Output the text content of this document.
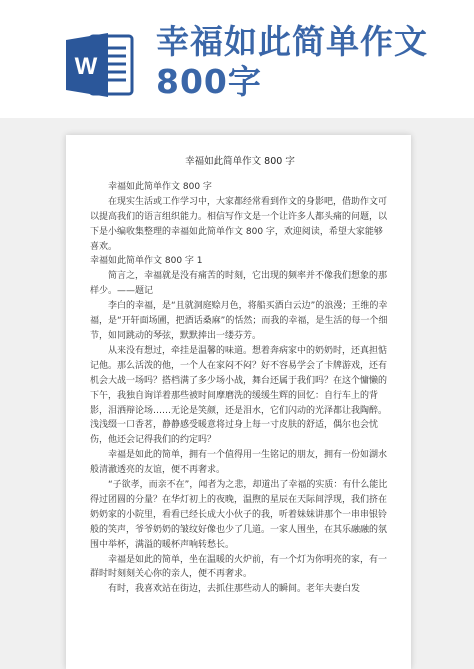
W
幸福如此简单作文
800字

幸福如此简单作文 800 字

幸福如此简单作文 800 字

在现实生活或工作学习中，大家都经常看到作文的身影吧，借助作文可以提高我们的语言组织能力。相信写作文是一个让许多人都头痛的问题，以下是小编收集整理的幸福如此简单作文 800 字，欢迎阅读，希望大家能够喜欢。

幸福如此简单作文 800 字 1

简言之，幸福就是没有痛苦的时刻，它出现的频率并不像我们想象的那样少。——题记

李白的幸福，是“且就洞庭赊月色，将船买酒白云边”的浪漫；王维的幸福，是“开轩面场圃，把酒话桑麻”的恬然；而我的幸福，是生活的每一个细节，如同跳动的琴弦，默默捧出一缕芬芳。

从来没有想过，牵挂是温馨的味道。想着奔病家中的奶奶时，还真担惦记他。那么活泼的他，一个人在家闷不闷？好不容易学会了卡牌游戏，还有机会大战一场吗？搭档满了多少场小战，舞台还属于我们吗？在这个慵懒的下午，我独自询详着那些被时间摩磨洗的缓缓生辉的回忆：自行车上的背影，泪洒辩论场……无论是笑颜，还是泪水，它们闪动的光泽都让我陶醉。浅浅缀一口香茗，静静感受暖意将过身上每一寸皮肤的舒适，偶尔也会忧伤，他还会记得我们的约定吗？

幸福是如此的简单，拥有一个值得用一生铭记的朋友，拥有一份如湖水般清澈透亮的友谊，便不再奢求。

“子欲孝，而亲不在”，闻者为之悲，却道出了幸福的实质：有什么能比得过团圆的分量？在华灯初上的夜晚，温煦的星辰在天际间浮现，我们挤在奶奶家的小院里，看看已经长成大小伙子的我，听着妹妹讲那个一串串银铃般的笑声，爷爷奶奶的皱纹好像也少了几道。一家人围坐，在其乐融融的氛围中举杯，满溢的暖杯声响转愁长。

幸福是如此的简单，坐在温暖的火炉前，有一个灯为你明亮的家，有一群时时刻刻关心你的亲人，便不再奢求。

有时，我喜欢站在街边，去抓住那些动人的瞬间。老年夫妻白发
